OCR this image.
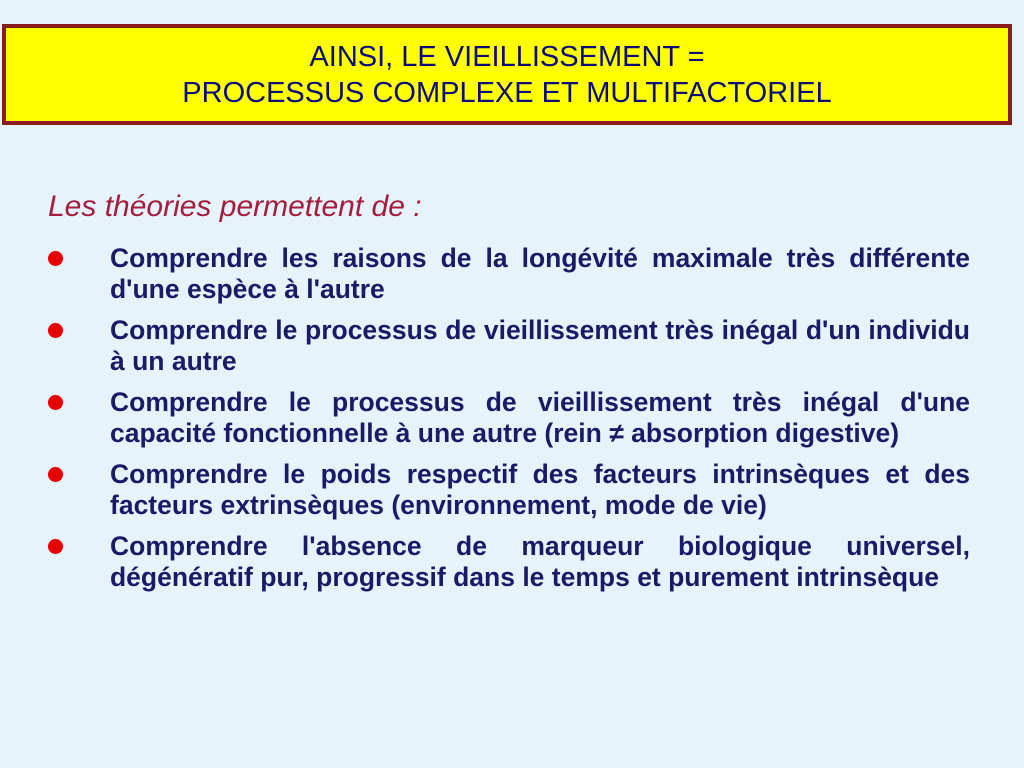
AINSI, LE VIEILLISSEMENT =
PROCESSUS COMPLEXE ET MULTIFACTORIEL
Les théories permettent de :
Comprendre les raisons de la longévité maximale très différente d'une espèce à l'autre
Comprendre le processus de vieillissement très inégal d'un individu à un autre
Comprendre le processus de vieillissement très inégal d'une capacité fonctionnelle à une autre (rein ≠ absorption digestive)
Comprendre le poids respectif des facteurs intrinsèques et des facteurs extrinsèques (environnement, mode de vie)
Comprendre l'absence de marqueur biologique universel, dégénératif pur, progressif dans le temps et purement intrinsèque
